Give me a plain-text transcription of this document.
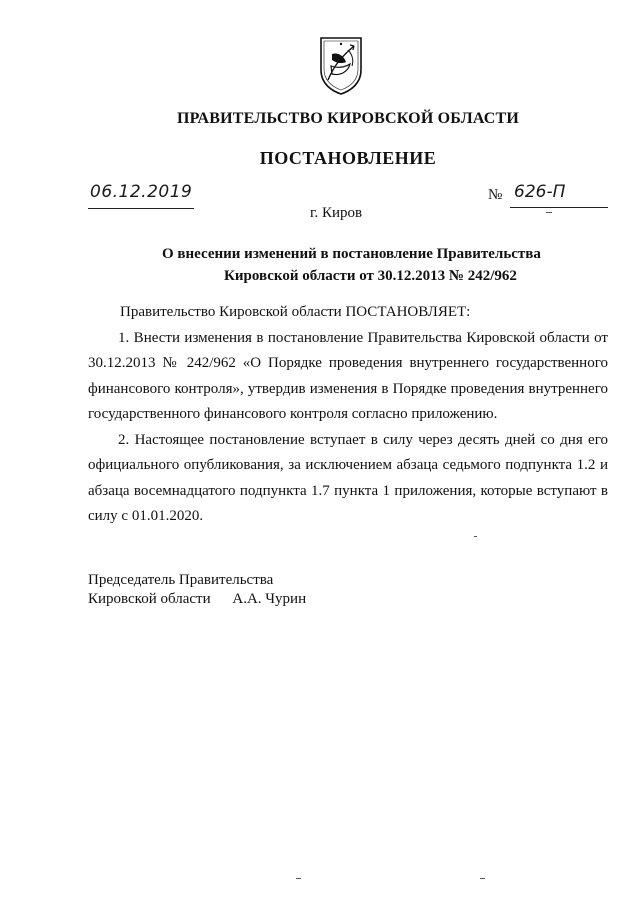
ПРАВИТЕЛЬСТВО КИРОВСКОЙ ОБЛАСТИ
ПОСТАНОВЛЕНИЕ
06.12.2019	№ 626-П
г. Киров
О внесении изменений в постановление Правительства
Кировской области от 30.12.2013 № 242/962

Правительство Кировской области ПОСТАНОВЛЯЕТ:

1. Внести изменения в постановление Правительства Кировской области от 30.12.2013 № 242/962 «О Порядке проведения внутреннего государственного финансового контроля», утвердив изменения в Порядке проведения внутреннего государственного финансового контроля согласно приложению.

2. Настоящее постановление вступает в силу через десять дней со дня его официального опубликования, за исключением абзаца седьмого подпункта 1.2 и абзаца восемнадцатого подпункта 1.7 пункта 1 приложения, которые вступают в силу с 01.01.2020.

Председатель Правительства
Кировской области А.А. Чурин
